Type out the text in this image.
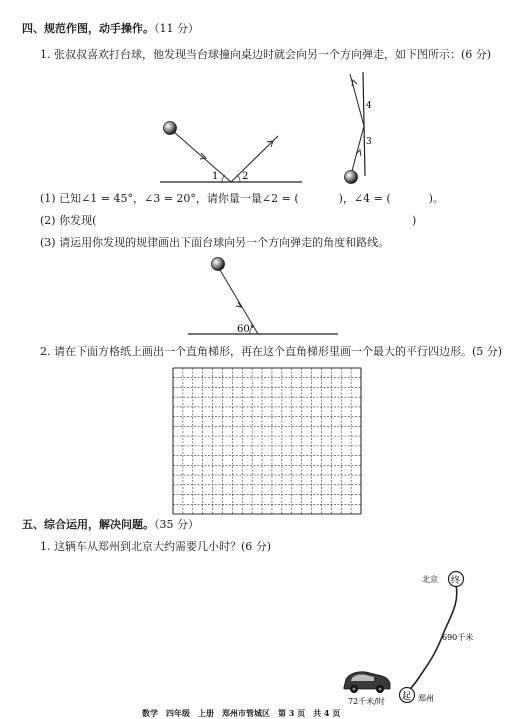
四、规范作图，动手操作。（11 分）
1. 张叔叔喜欢打台球，他发现当台球撞向桌边时就会向另一个方向弹走，如下图所示：(6 分)
1 2
4
3
(1) 已知∠1 = 45°，∠3 = 20°，请你量一量∠2 = (	)，∠4 = (	)。
(2) 你发现(	)
(3) 请运用你发现的规律画出下面台球向另一个方向弹走的角度和路线。
60°
2. 请在下面方格纸上画出一个直角梯形，再在这个直角梯形里画一个最大的平行四边形。(5 分)
五、综合运用，解决问题。（35 分）
1. 这辆车从郑州到北京大约需要几小时？(6 分)
终
北京
690千米
起 郑州
72千米/时
数学　四年级　上册　郑州市管城区　第 3 页　共 4 页
